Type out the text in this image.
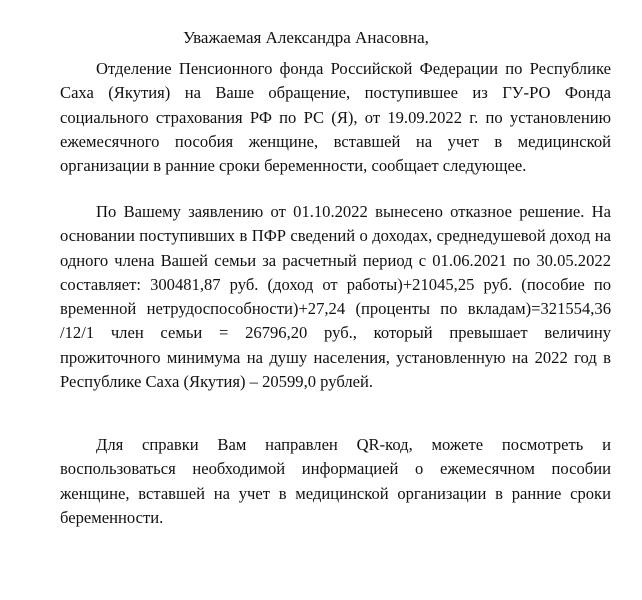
Уважаемая Александра Анасовна,

Отделение Пенсионного фонда Российской Федерации по Республике Саха (Якутия) на Ваше обращение, поступившее из ГУ-РО Фонда социального страхования РФ по РС (Я), от 19.09.2022 г. по установлению ежемесячного пособия женщине, вставшей на учет в медицинской организации в ранние сроки беременности, сообщает следующее.

По Вашему заявлению от 01.10.2022 вынесено отказное решение. На основании поступивших в ПФР сведений о доходах, среднедушевой доход на одного члена Вашей семьи за расчетный период с 01.06.2021 по 30.05.2022 составляет: 300481,87 руб. (доход от работы)+21045,25 руб. (пособие по временной нетрудоспособности)+27,24 (проценты по вкладам)=321554,36 /12/1 член семьи = 26796,20 руб., который превышает величину прожиточного минимума на душу населения, установленную на 2022 год в Республике Саха (Якутия) – 20599,0 рублей.

Для справки Вам направлен QR-код, можете посмотреть и воспользоваться необходимой информацией о ежемесячном пособии женщине, вставшей на учет в медицинской организации в ранние сроки беременности.
